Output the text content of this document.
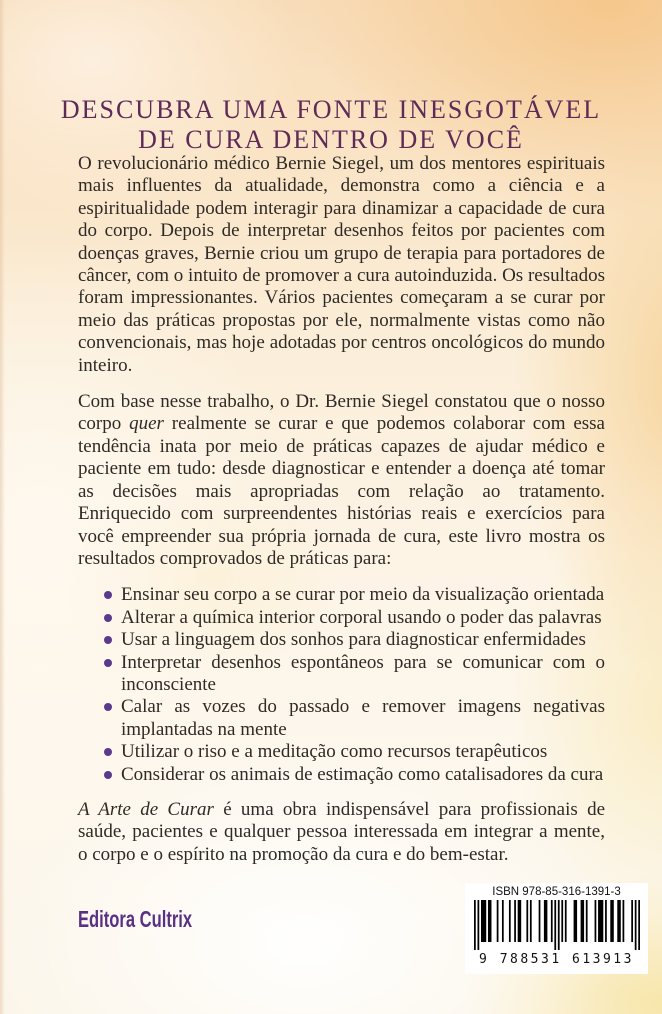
DESCUBRA UMA FONTE INESGOTÁVEL
DE CURA DENTRO DE VOCÊ

O revolucionário médico Bernie Siegel, um dos mentores espirituais mais influentes da atualidade, demonstra como a ciência e a espiritualidade podem interagir para dinamizar a capacidade de cura do corpo. Depois de interpretar desenhos feitos por pacientes com doenças graves, Bernie criou um grupo de terapia para portadores de câncer, com o intuito de promover a cura autoinduzida. Os resultados foram impressionantes. Vários pacientes começaram a se curar por meio das práticas propostas por ele, normalmente vistas como não convencionais, mas hoje adotadas por centros oncológicos do mundo inteiro.

Com base nesse trabalho, o Dr. Bernie Siegel constatou que o nosso corpo quer realmente se curar e que podemos colaborar com essa tendência inata por meio de práticas capazes de ajudar médico e paciente em tudo: desde diagnosticar e entender a doença até tomar as decisões mais apropriadas com relação ao tratamento. Enriquecido com surpreendentes histórias reais e exercícios para você empreender sua própria jornada de cura, este livro mostra os resultados comprovados de práticas para:

Ensinar seu corpo a se curar por meio da visualização orientada
Alterar a química interior corporal usando o poder das palavras
Usar a linguagem dos sonhos para diagnosticar enfermidades
Interpretar desenhos espontâneos para se comunicar com o inconsciente
Calar as vozes do passado e remover imagens negativas implantadas na mente
Utilizar o riso e a meditação como recursos terapêuticos
Considerar os animais de estimação como catalisadores da cura

A Arte de Curar é uma obra indispensável para profissionais de saúde, pacientes e qualquer pessoa interessada em integrar a mente, o corpo e o espírito na promoção da cura e do bem-estar.

Editora Cultrix
ISBN 978-85-316-1391-3
9 788531 613913
